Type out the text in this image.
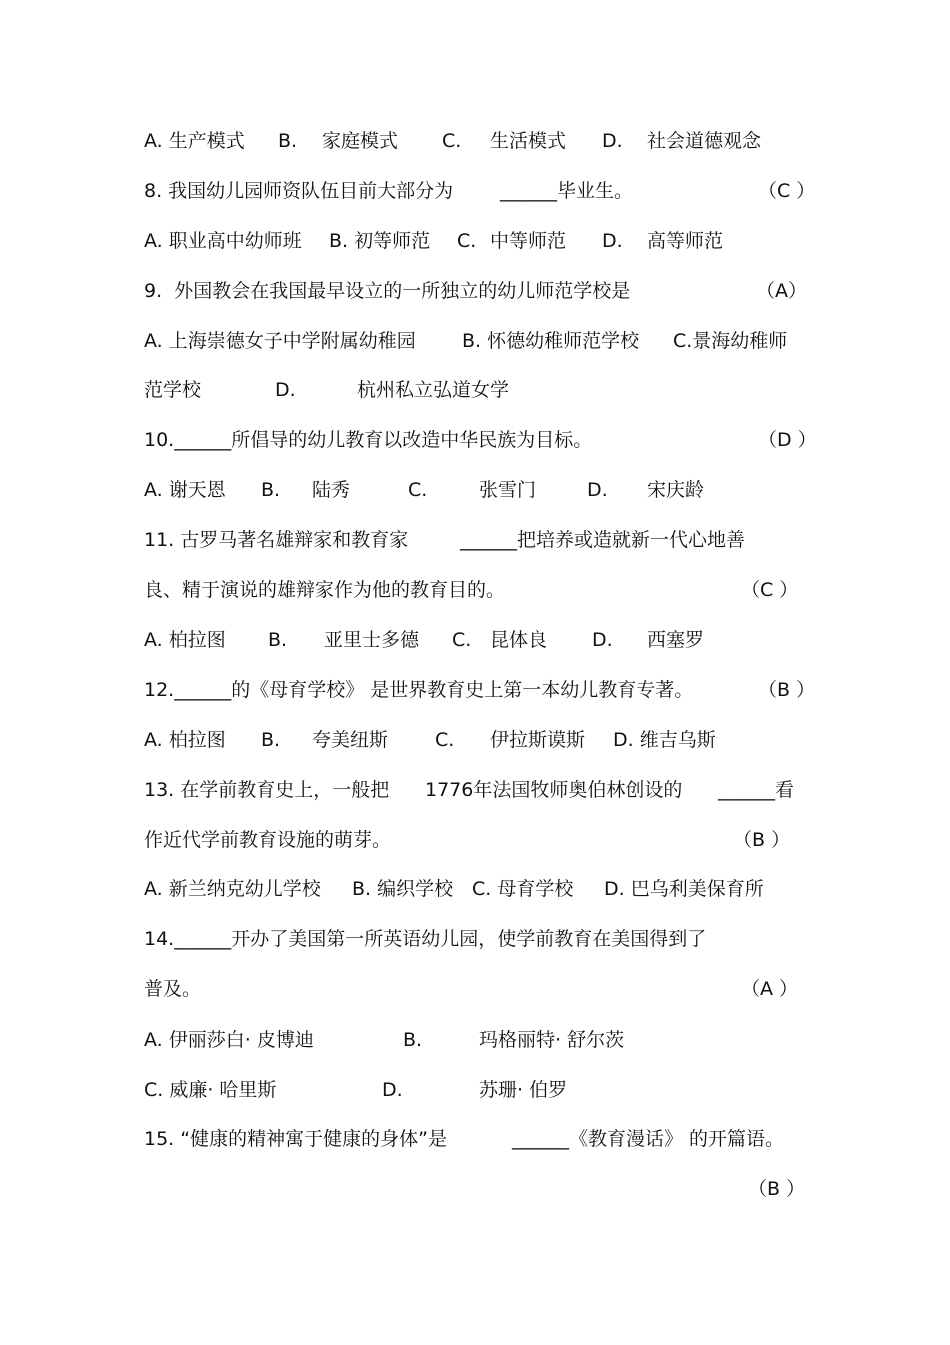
A. 生产模式

B.

家庭模式

C.

生活模式

D.

社会道德观念

8. 我国幼儿园师资队伍目前大部分为

______毕业生。

	（C ）

A. 职业高中幼师班

B. 初等师范

C.

中等师范

D.

高等师范

9.  外国教会在我国最早设立的一所独立的幼儿师范学校是

	（A）

A. 上海崇德女子中学附属幼稚园

B. 怀德幼稚师范学校

C.景海幼稚师

范学校

	D.

	杭州私立弘道女学

10.______所倡导的幼儿教育以改造中华民族为目标。

	（D ）

A. 谢天恩

B.

陆秀

	C.

	张雪门

	D.

宋庆龄

11. 古罗马著名雄辩家和教育家

	______把培养或造就新一代心地善

良、精于演说的雄辩家作为他的教育目的。

	（C ）

A. 柏拉图

B.

亚里士多德

C.

昆体良

D.

西塞罗

12.______的《母育学校》 是世界教育史上第一本幼儿教育专著。

	（B ）

A. 柏拉图

B.

夸美纽斯

C.

伊拉斯谟斯

D. 维吉乌斯

13. 在学前教育史上，一般把

1776年法国牧师奥伯林创设的

______看

作近代学前教育设施的萌芽。

	（B ）

A. 新兰纳克幼儿学校

B. 编织学校

C. 母育学校

D. 巴乌利美保育所

14.______开办了美国第一所英语幼儿园，使学前教育在美国得到了

普及。

	（A ）

A. 伊丽莎白· 皮博迪

	B.

	玛格丽特· 舒尔茨

C. 威廉· 哈里斯

	D.

	苏珊· 伯罗

15. “健康的精神寓于健康的身体”是

	______《教育漫话》 的开篇语。

（B ）
